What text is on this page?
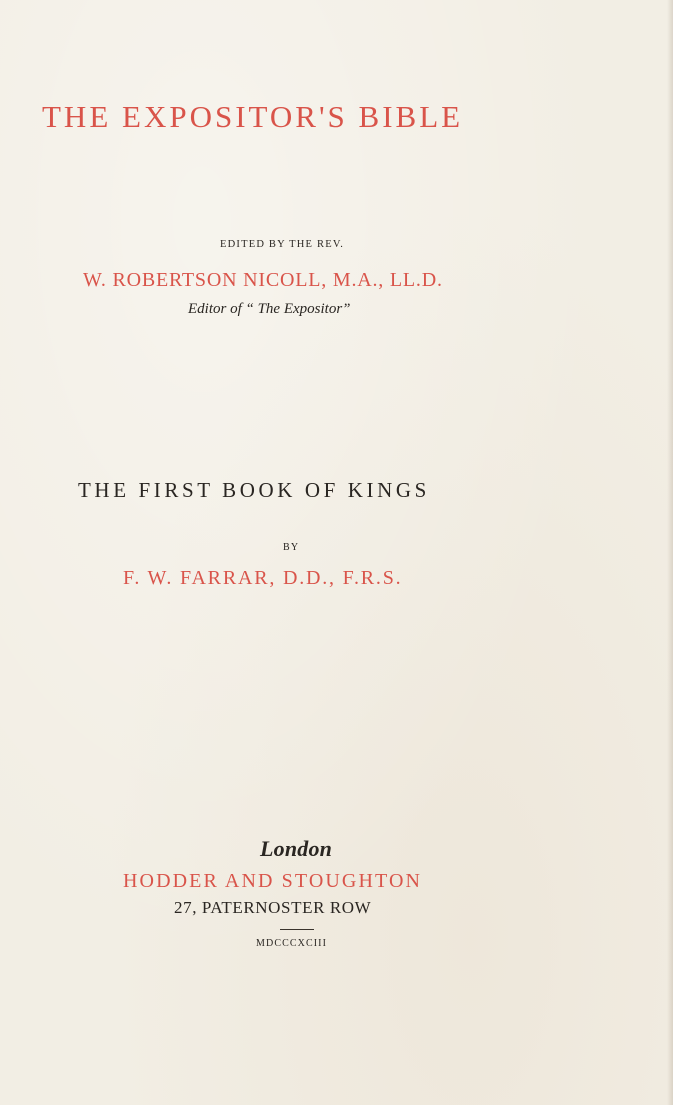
THE EXPOSITOR'S BIBLE
EDITED BY THE REV.
W. ROBERTSON NICOLL, M.A., LL.D.
Editor of “ The Expositor”
THE FIRST BOOK OF KINGS
BY
F. W. FARRAR, D.D., F.R.S.
London
HODDER AND STOUGHTON
27, PATERNOSTER ROW
MDCCCXCIII
